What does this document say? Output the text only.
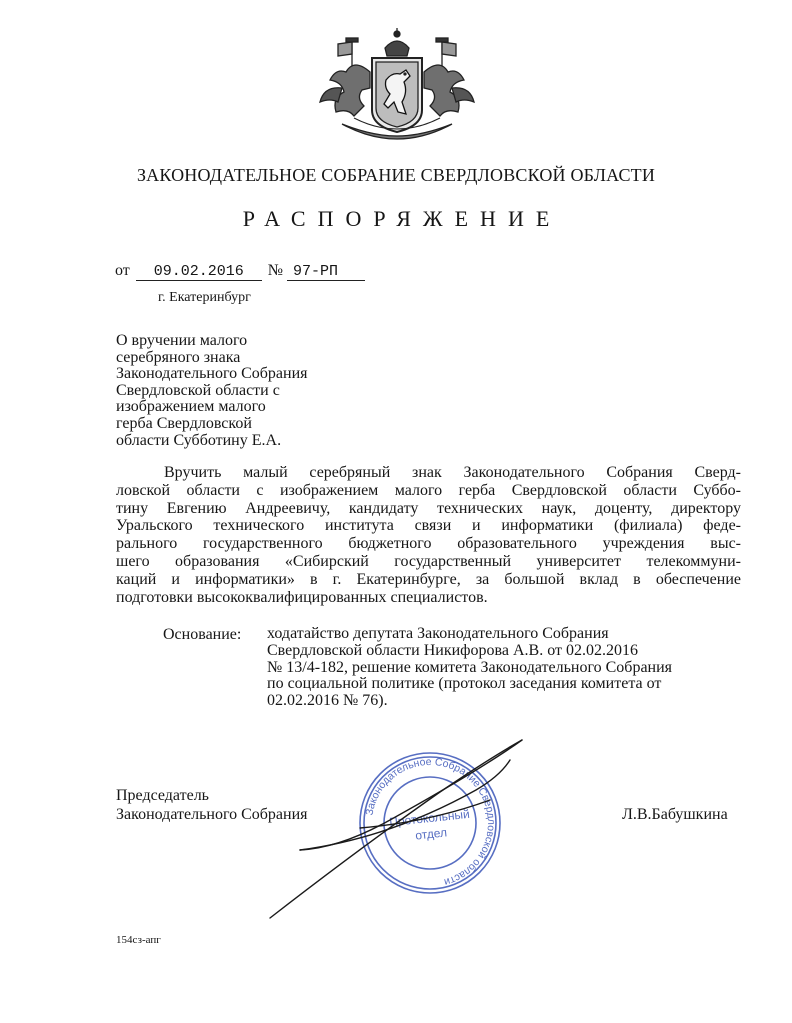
ЗАКОНОДАТЕЛЬНОЕ СОБРАНИЕ СВЕРДЛОВСКОЙ ОБЛАСТИ
РАСПОРЯЖЕНИЕ
от 09.02.2016 № 97-РП
г. Екатеринбург
О вручении малого
серебряного знака
Законодательного Собрания
Свердловской области с
изображением малого
герба Свердловской
области Субботину Е.А.
Вручить малый серебряный знак Законодательного Собрания Сверд-
ловской области с изображением малого герба Свердловской области Суббо-
тину Евгению Андреевичу, кандидату технических наук, доценту, директору
Уральского технического института связи и информатики (филиала) феде-
рального государственного бюджетного образовательного учреждения выс-
шего образования «Сибирский государственный университет телекоммуни-
каций и информатики» в г. Екатеринбурге, за большой вклад в обеспечение
подготовки высококвалифицированных специалистов.
Основание: ходатайство депутата Законодательного Собрания
Свердловской области Никифорова А.В. от 02.02.2016
№ 13/4-182, решение комитета Законодательного Собрания
по социальной политике (протокол заседания комитета от
02.02.2016 № 76).
Председатель
Законодательного Собрания	Законодательное Собрание Свердловской области
Протокольный
отдел
Л.В.Бабушкина
154сз-апг
